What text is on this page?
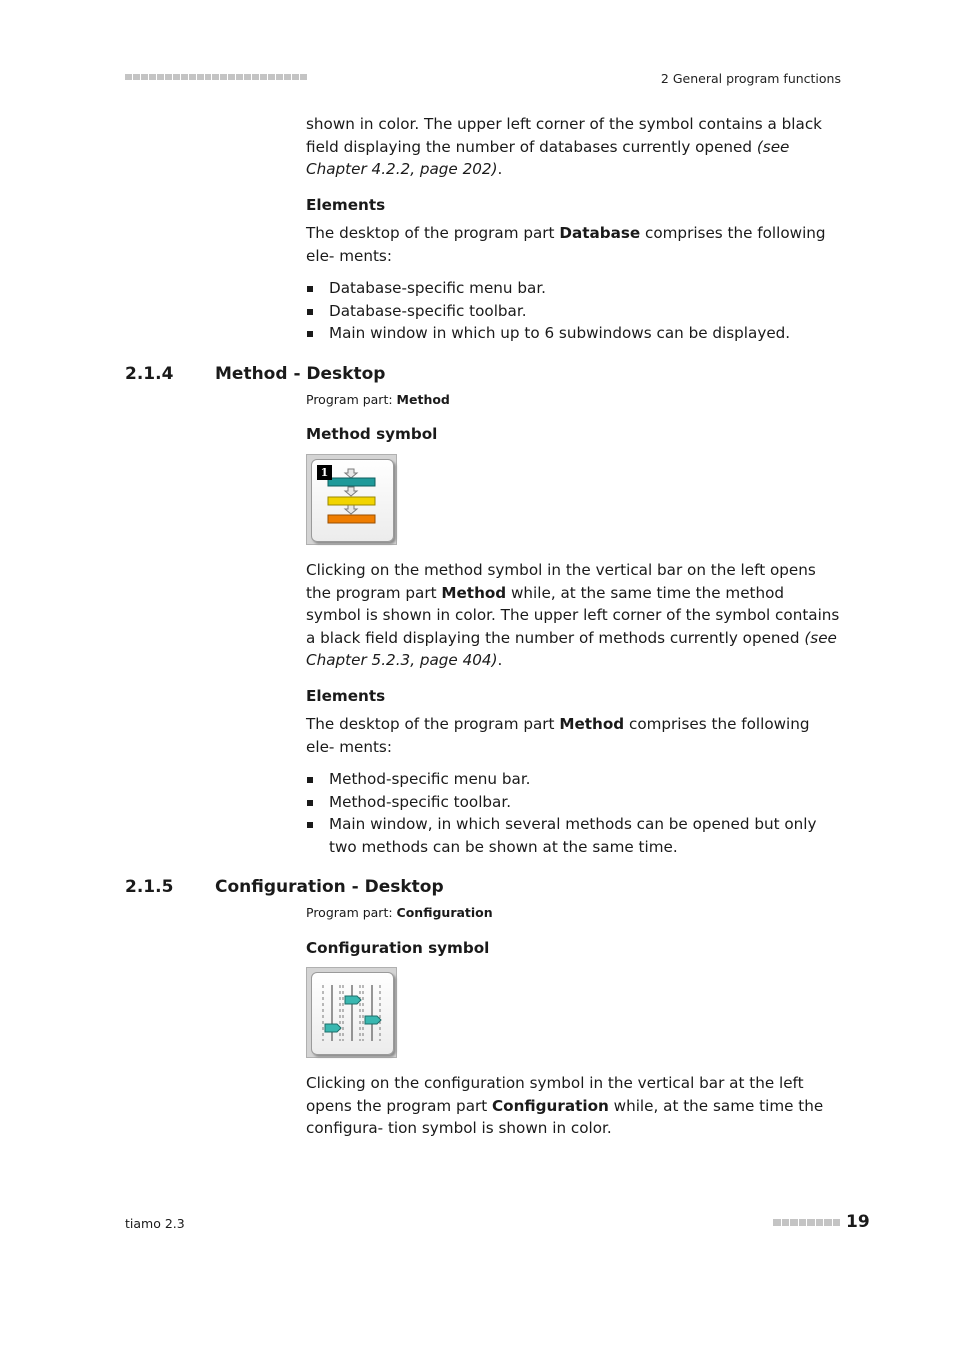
2 General program functions

shown in color. The upper left corner of the symbol contains a black field displaying the number of databases currently opened (see Chapter 4.2.2, page 202).

Elements

The desktop of the program part Database comprises the following ele- ments:

Database-specific menu bar.
Database-specific toolbar.
Main window in which up to 6 subwindows can be displayed.
2.1.4 Method - Desktop
Program part: Method
Method symbol
1

Clicking on the method symbol in the vertical bar on the left opens the program part Method while, at the same time the method symbol is shown in color. The upper left corner of the symbol contains a black field displaying the number of methods currently opened (see Chapter 5.2.3, page 404).

Elements

The desktop of the program part Method comprises the following ele- ments:

Method-specific menu bar.
Method-specific toolbar.
Main window, in which several methods can be opened but only two methods can be shown at the same time.
2.1.5 Configuration - Desktop
Program part: Configuration
Configuration symbol

Clicking on the configuration symbol in the vertical bar at the left opens the program part Configuration while, at the same time the configura- tion symbol is shown in color.

tiamo 2.3	19
